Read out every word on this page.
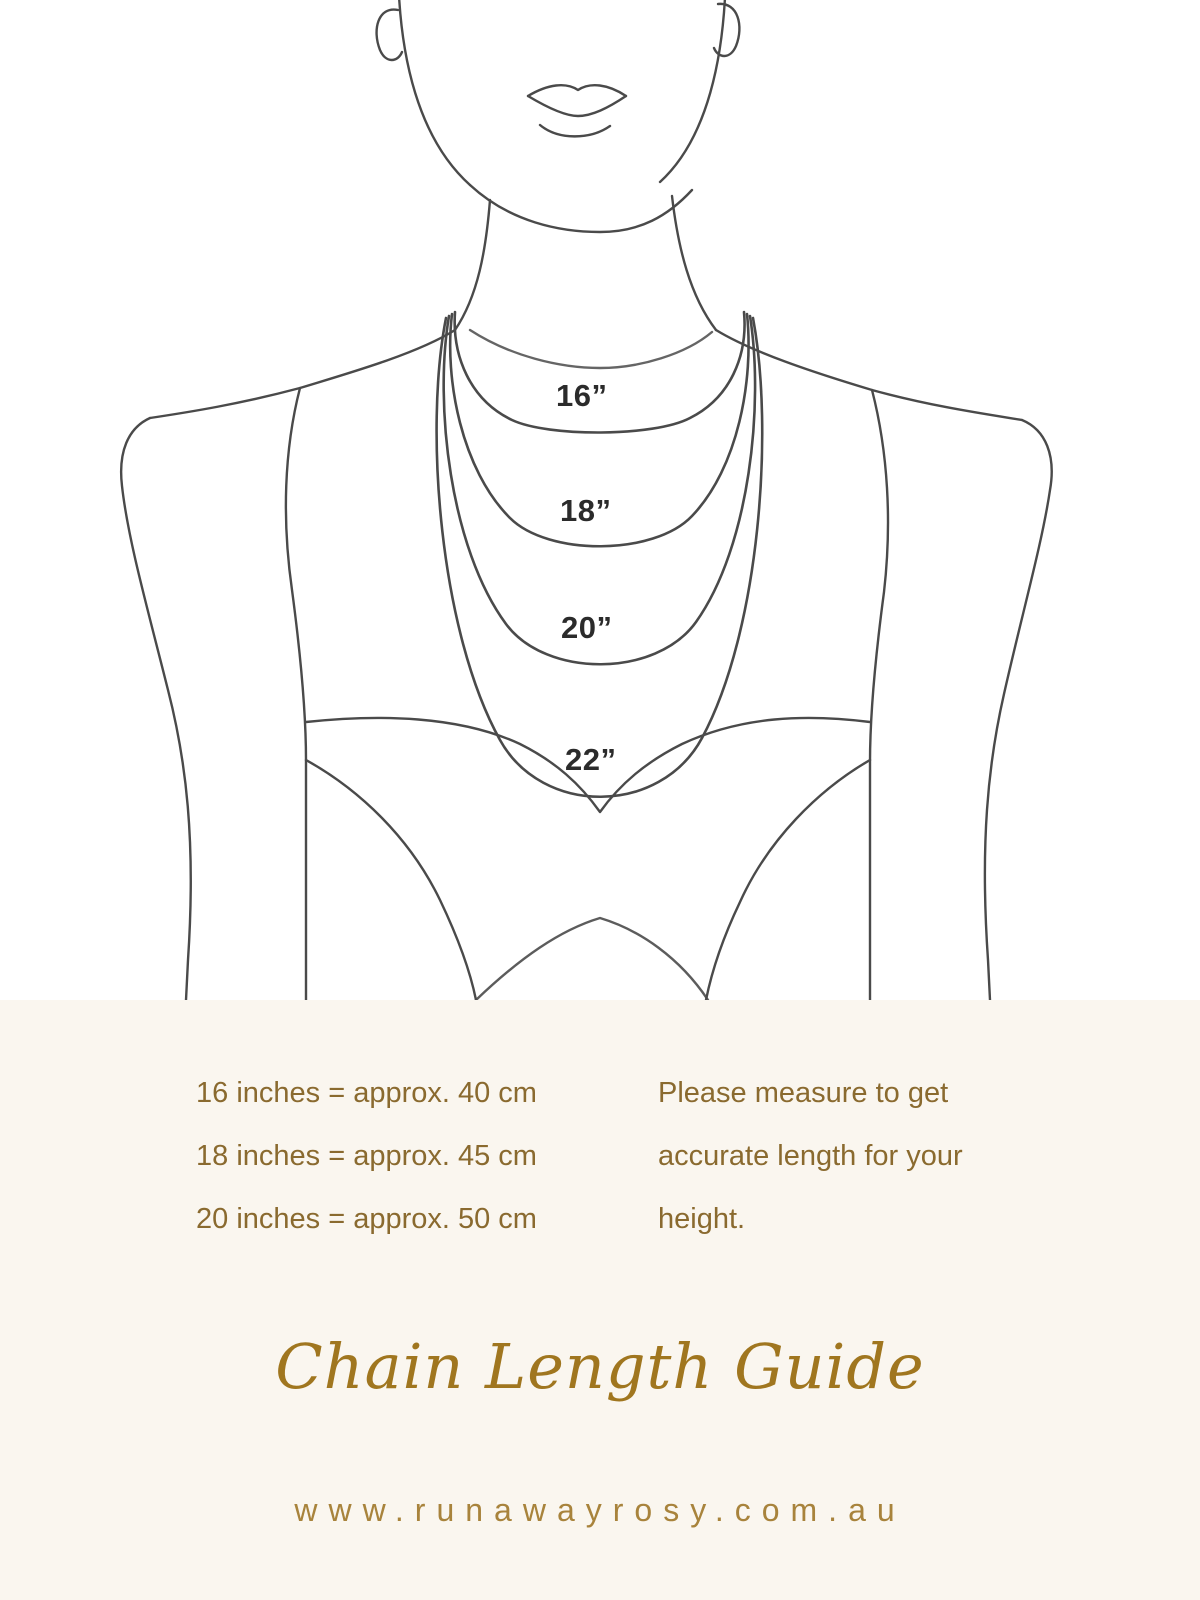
16”
18”
20”
22”
16 inches = approx. 40 cm
18 inches = approx. 45 cm
20 inches = approx. 50 cm
Please measure to get accurate length for your height.
Chain Length Guide
www.runawayrosy.com.au
